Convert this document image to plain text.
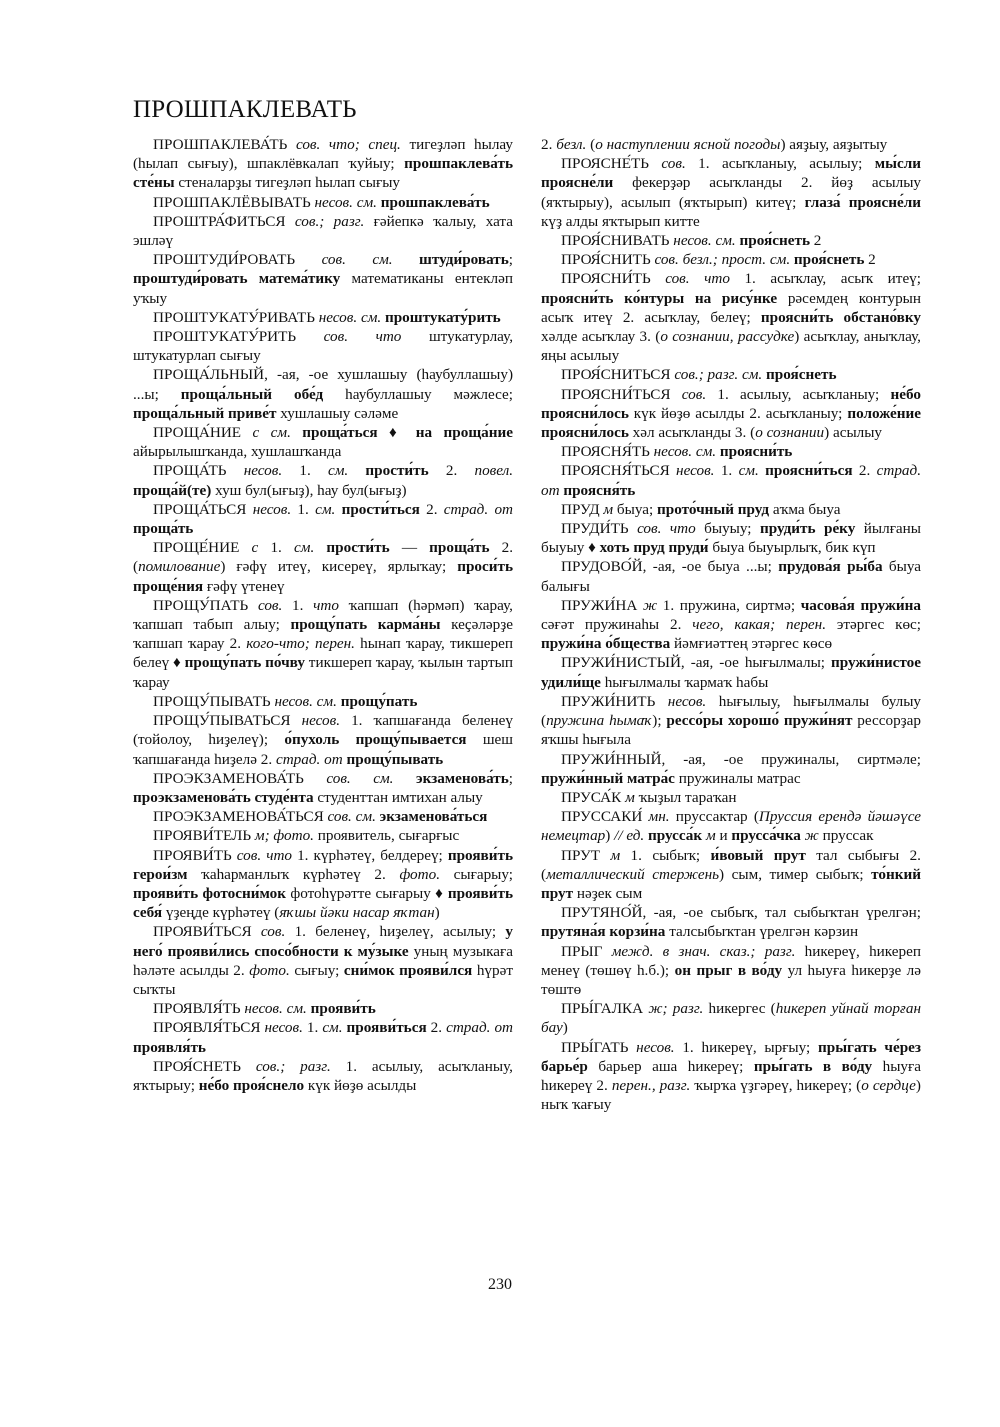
ПРОШПАКЛЕВАТЬ

ПРОШПАКЛЕВА́ТЬ сов. что; спец. тигеҙләп һылау (һылап сығыу), шпаклёвкалап ҡуйыу; прошпаклева́ть сте́ны стеналарҙы тигеҙләп һылап сығыу

ПРОШПАКЛЁВЫВАТЬ несов. см. прошпаклева́ть

ПРОШТРА́ФИТЬСЯ сов.; разг. ғәйепкә ҡалыу, хата эшләү

ПРОШТУДИ́РОВАТЬ сов. см. штуди́ровать; проштуди́ровать матема́тику математиканы ентекләп уҡыу

ПРОШТУКАТУ́РИВАТЬ несов. см. проштукату́рить

ПРОШТУКАТУ́РИТЬ сов. что штукатурлау, штукатурлап сығыу

ПРОЩА́ЛЬНЫЙ, -ая, -ое хушлашыу (һаубуллашыу) ...ы; проща́льный обе́д һаубуллашыу мәжлесе; проща́льный приве́т хушлашыу сәләме

ПРОЩА́НИЕ с см. проща́ться ♦ на проща́ние айырылышҡанда, хушлашҡанда

ПРОЩА́ТЬ несов. 1. см. прости́ть 2. повел. проща́й(те) хуш бул(ығыҙ), һау бул(ығыҙ)

ПРОЩА́ТЬСЯ несов. 1. см. прости́ться 2. страд. от проща́ть

ПРОЩЕ́НИЕ с 1. см. прости́ть — проща́ть 2. (помилование) ғәфү итеү, кисереү, ярлыҡау; проси́ть проще́ния ғәфү үтенеү

ПРОЩУ́ПАТЬ сов. 1. что ҡапшап (һәрмәп) ҡарау, ҡапшап табып алыу; прощу́пать карма́ны кеҫәләрҙе ҡапшап ҡарау 2. кого-что; перен. һынап ҡарау, тикшереп белеү ♦ прощу́пать по́чву тикшереп ҡарау, ҡылын тартып ҡарау

ПРОЩУ́ПЫВАТЬ несов. см. прощу́пать

ПРОЩУ́ПЫВАТЬСЯ несов. 1. ҡапшағанда беленеү (тойолоу, һиҙелеү); о́пухоль прощу́пывается шеш ҡапшағанда һиҙелә 2. страд. от прощу́пывать

ПРОЭКЗАМЕНОВА́ТЬ сов. см. экзаменова́ть; проэкзаменова́ть студе́нта студенттан имтихан алыу

ПРОЭКЗАМЕНОВА́ТЬСЯ сов. см. экзаменова́ться

ПРОЯВИ́ТЕЛЬ м; фото. проявитель, сығарғыс

ПРОЯВИ́ТЬ сов. что 1. күрһәтеү, белдереү; прояви́ть герои́зм ҡаһарманлыҡ күрһәтеү 2. фото. сығарыу; прояви́ть фотосни́мок фотоһүрәтте сығарыу ♦ прояви́ть себя́ үҙеңде күрһәтеү (яҡшы йәки насар яҡтан)

ПРОЯВИ́ТЬСЯ сов. 1. беленеү, һиҙелеү, асылыу; у него́ прояви́лись спосо́бности к му́зыке уның музыкаға һәләте асылды 2. фото. сығыу; сни́мок прояви́лся һүрәт сыҡты

ПРОЯВЛЯ́ТЬ несов. см. прояви́ть

ПРОЯВЛЯ́ТЬСЯ несов. 1. см. прояви́ться 2. страд. от проявля́ть

ПРОЯ́СНЕТЬ сов.; разг. 1. асылыу, асыҡланыу, яҡтырыу; не́бо проя́снело күк йөҙө асылды

2. безл. (о наступлении ясной погоды) аяҙыу, аяҙытыу

ПРОЯСНЕ́ТЬ сов. 1. асыҡланыу, асылыу; мы́сли проясне́ли фекерҙәр асыҡланды 2. йөҙ асылыу (яҡтырыу), асылып (яҡтырып) китеү; глаза́ проясне́ли күҙ алды яҡтырып китте

ПРОЯ́СНИВАТЬ несов. см. проя́снеть 2

ПРОЯ́СНИТЬ сов. безл.; прост. см. проя́снеть 2

ПРОЯСНИ́ТЬ сов. что 1. асыҡлау, асыҡ итеү; проясни́ть ко́нтуры на рису́нке рәсемдең контурын асыҡ итеү 2. асыҡлау, белеү; проясни́ть обстано́вку хәлде асыҡлау 3. (о сознании, рассудке) асыҡлау, аныҡлау, яңы асылыу

ПРОЯ́СНИТЬСЯ сов.; разг. см. проя́снеть

ПРОЯСНИ́ТЬСЯ сов. 1. асылыу, асыҡланыу; не́бо проясни́лось күк йөҙө асылды 2. асыҡланыу; положе́ние проясни́лось хәл асыҡланды 3. (о сознании) асылыу

ПРОЯСНЯ́ТЬ несов. см. проясни́ть

ПРОЯСНЯ́ТЬСЯ несов. 1. см. проясни́ться 2. страд. от проясня́ть

ПРУД м быуа; прото́чный пруд аҡма быуа

ПРУДИ́ТЬ сов. что быуыу; пруди́ть ре́ку йылғаны быуыу ♦ хоть пруд пруди́ быуа быуырлыҡ, бик күп

ПРУДОВО́Й, -ая, -ое быуа ...ы; прудова́я ры́ба быуа балығы

ПРУЖИ́НА ж 1. пружина, сиртмә; часова́я пружи́на сәғәт пружинаһы 2. чего, какая; перен. этәргес көс; пружи́на о́бщества йәмғиәттең этәргес көсө

ПРУЖИ́НИСТЫЙ, -ая, -ое һығылмалы; пружи́нистое удили́ще һығылмалы ҡармаҡ һабы

ПРУЖИ́НИТЬ несов. һығылыу, һығылмалы булыу (пружина һымаҡ); рессо́ры хорошо́ пружи́нят рессорҙар яҡшы һығыла

ПРУЖИ́ННЫЙ, -ая, -ое пружиналы, сиртмәле; пружи́нный матра́с пружиналы матрас

ПРУСА́К м ҡыҙыл тараҡан

ПРУССАКИ́ мн. пруссактар (Пруссия ерендә йәшәүсе немецтар) // ед. прусса́к м и прусса́чка ж пруссак

ПРУТ м 1. сыбыҡ; и́вовый прут тал сыбығы 2. (металлический стержень) сым, тимер сыбыҡ; то́нкий прут нәҙек сым

ПРУТЯНО́Й, -ая, -ое сыбыҡ, тал сыбыҡтан үрелгән; прутяна́я корзи́на талсыбыҡтан үрелгән кәрзин

ПРЫГ межд. в знач. сказ.; разг. һикереү, һикереп менеү (төшөү һ.б.); он прыг в во́ду ул һыуға һикерҙе лә төштө

ПРЫ́ГАЛКА ж; разг. һикергес (һикереп уйнай торған бау)

ПРЫ́ГАТЬ несов. 1. һикереү, ырғыу; пры́гать че́рез барье́р барьер аша һикереү; пры́гать в во́ду һыуға һикереү 2. перен., разг. ҡырҡа үҙгәреү, һикереү; (о сердце) ныҡ ҡағыу

230
